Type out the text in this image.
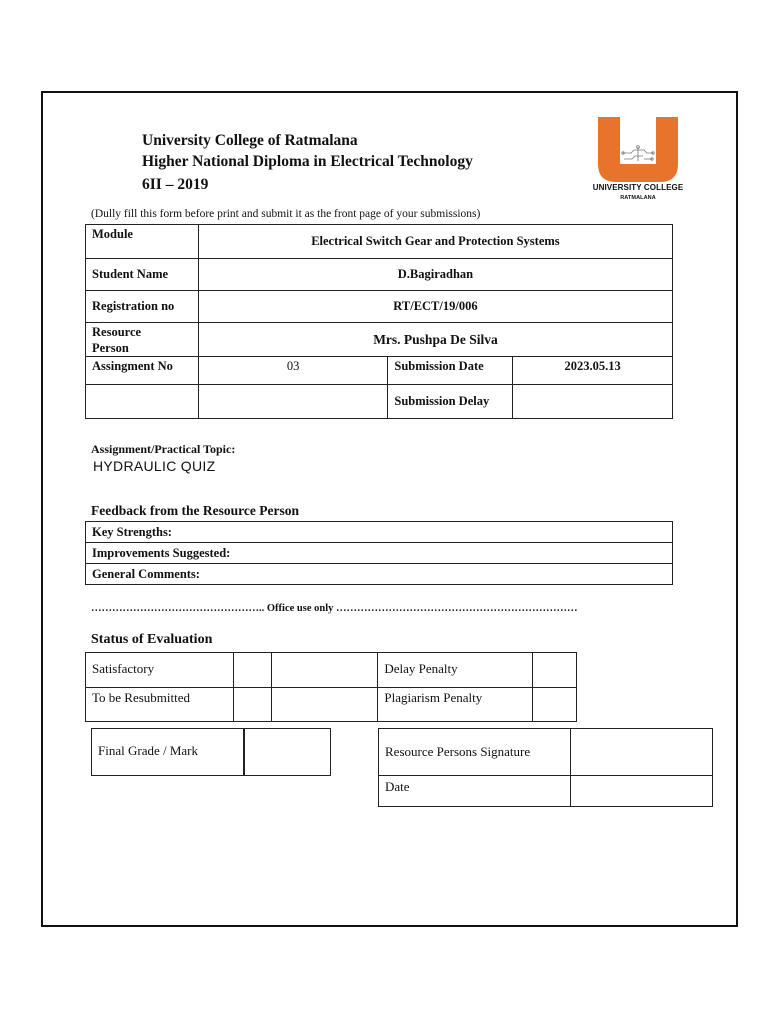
University College of Ratmalana
Higher National Diploma in Electrical Technology
6II – 2019	UNIVERSITY COLLEGE
RATMALANA
(Dully fill this form before print and submit it as the front page of your submissions)
Module	Electrical Switch Gear and Protection Systems		
Student Name	D.Bagiradhan		
Registration no	RT/ECT/19/006		
Resource
Person	Mrs. Pushpa De Silva		
Assingment No	03	Submission Date	2023.05.13
		Submission Delay	
Assignment/Practical Topic:
HYDRAULIC QUIZ
Feedback from the Resource Person
Key Strengths:
Improvements Suggested:
General Comments:
………………………………………….. Office use only ……………………………………………………………
Status of Evaluation
Satisfactory			Delay Penalty	
To be Resubmitted			Plagiarism Penalty	
Final Grade / Mark		Resource Persons Signature	
Date	
